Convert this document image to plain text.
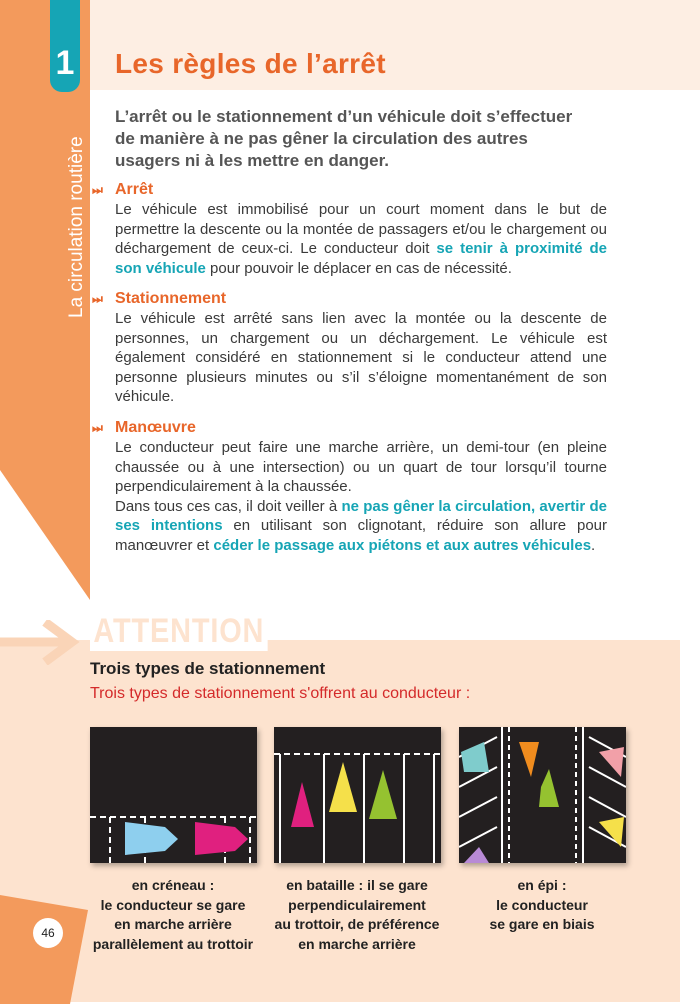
1
La circulation routière
Les règles de l’arrêt
L’arrêt ou le stationnement d’un véhicule doit s’effectuer de manière à ne pas gêner la circulation des autres usagers ni à les mettre en danger.
⏭ Arrêt

Le véhicule est immobilisé pour un court moment dans le but de permettre la descente ou la montée de passagers et/ou le chargement ou déchargement de ceux-ci. Le conducteur doit se tenir à proximité de son véhicule pour pouvoir le déplacer en cas de nécessité.

⏭ Stationnement

Le véhicule est arrêté sans lien avec la montée ou la descente de personnes, un chargement ou un déchargement. Le véhicule est également considéré en stationnement si le conducteur attend une personne plusieurs minutes ou s’il s’éloigne momentanément de son véhicule.

⏭ Manœuvre

Le conducteur peut faire une marche arrière, un demi-tour (en pleine chaussée ou à une intersection) ou un quart de tour lorsqu’il tourne perpendiculairement à la chaussée.

Dans tous ces cas, il doit veiller à ne pas gêner la circulation, avertir de ses intentions en utilisant son clignotant, réduire son allure pour manœuvrer et céder le passage aux piétons et aux autres véhicules.

ATTENTION
Trois types de stationnement
Trois types de stationnement s'offrent au conducteur :
en créneau :
le conducteur se gare
en marche arrière
parallèlement au trottoir
en bataille : il se gare
perpendiculairement
au trottoir, de préférence
en marche arrière
en épi :
le conducteur
se gare en biais
46
